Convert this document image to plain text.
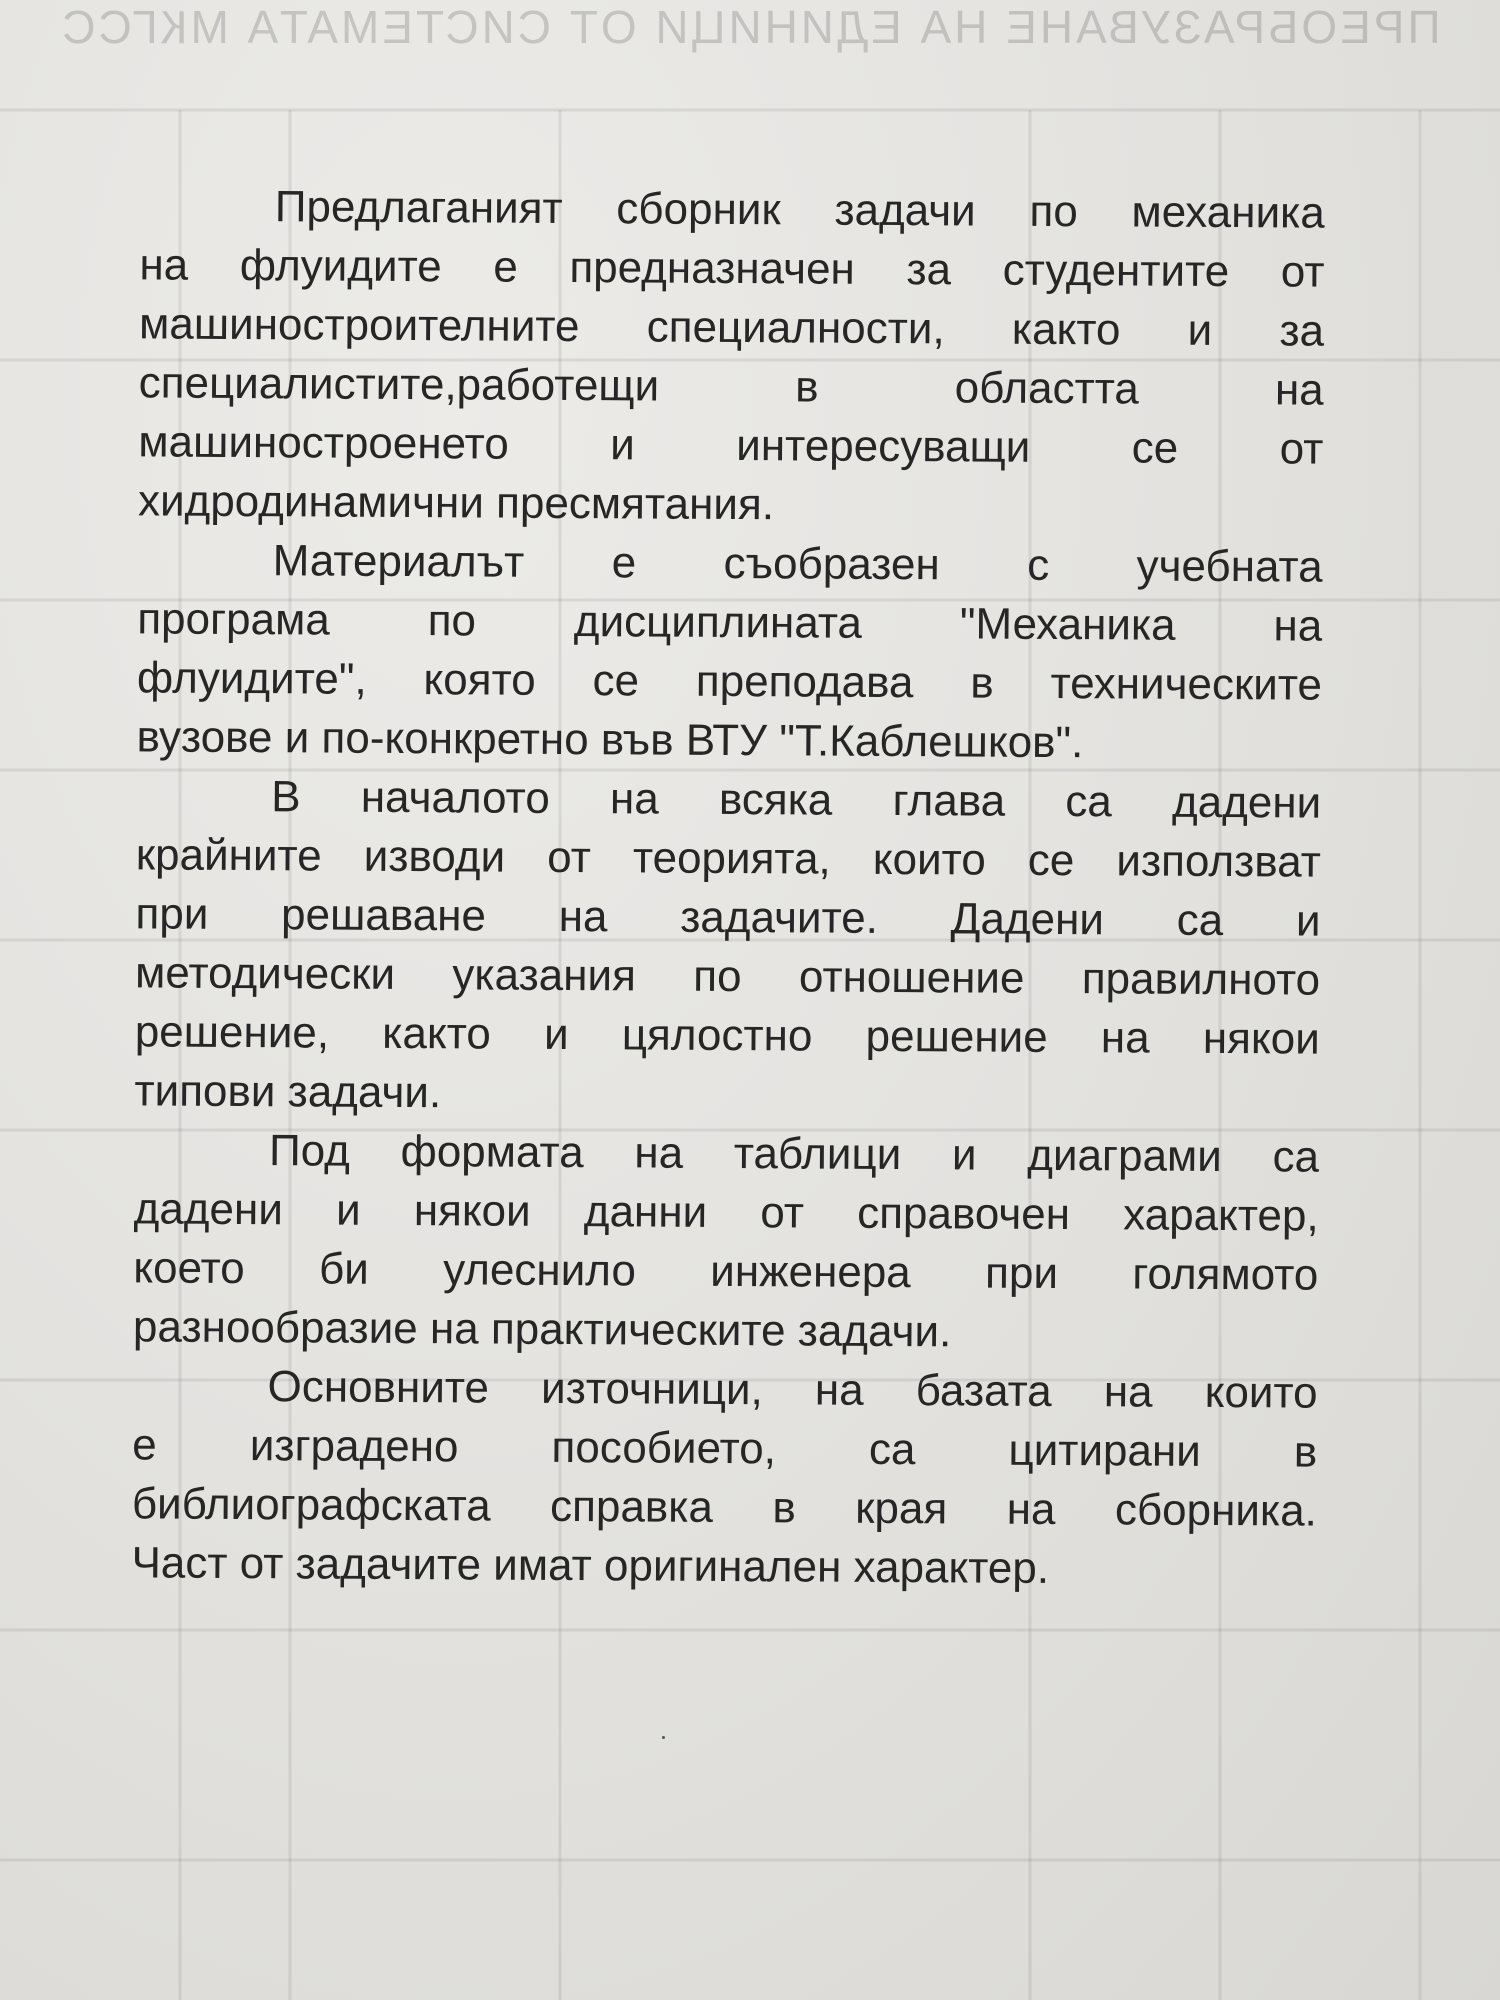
ПРЕОБРАЗУВАНЕ НА ЕДИНИЦИ ОТ СИСТЕМАТА МКГСС

Предлаганият сборник задачи по механика
на флуидите е предназначен за студентите от
машиностроителните специалности, както и за
специалистите,работещи в областта на
машиностроенето и интересуващи се от
хидродинамични пресмятания.

Материалът е съобразен с учебната
програма по дисциплината "Механика на
флуидите", която се преподава в техническите
вузове и по-конкретно във ВТУ "Т.Каблешков".

В началото на всяка глава са дадени
крайните изводи от теорията, които се използват
при решаване на задачите. Дадени са и
методически указания по отношение правилното
решение, както и цялостно решение на някои
типови задачи.

Под формата на таблици и диаграми са
дадени и някои данни от справочен характер,
което би улеснило инженера при голямото
разнообразие на практическите задачи.

Основните източници, на базата на които
е изградено пособието, са цитирани в
библиографската справка в края на сборника.
Част от задачите имат оригинален характер.
